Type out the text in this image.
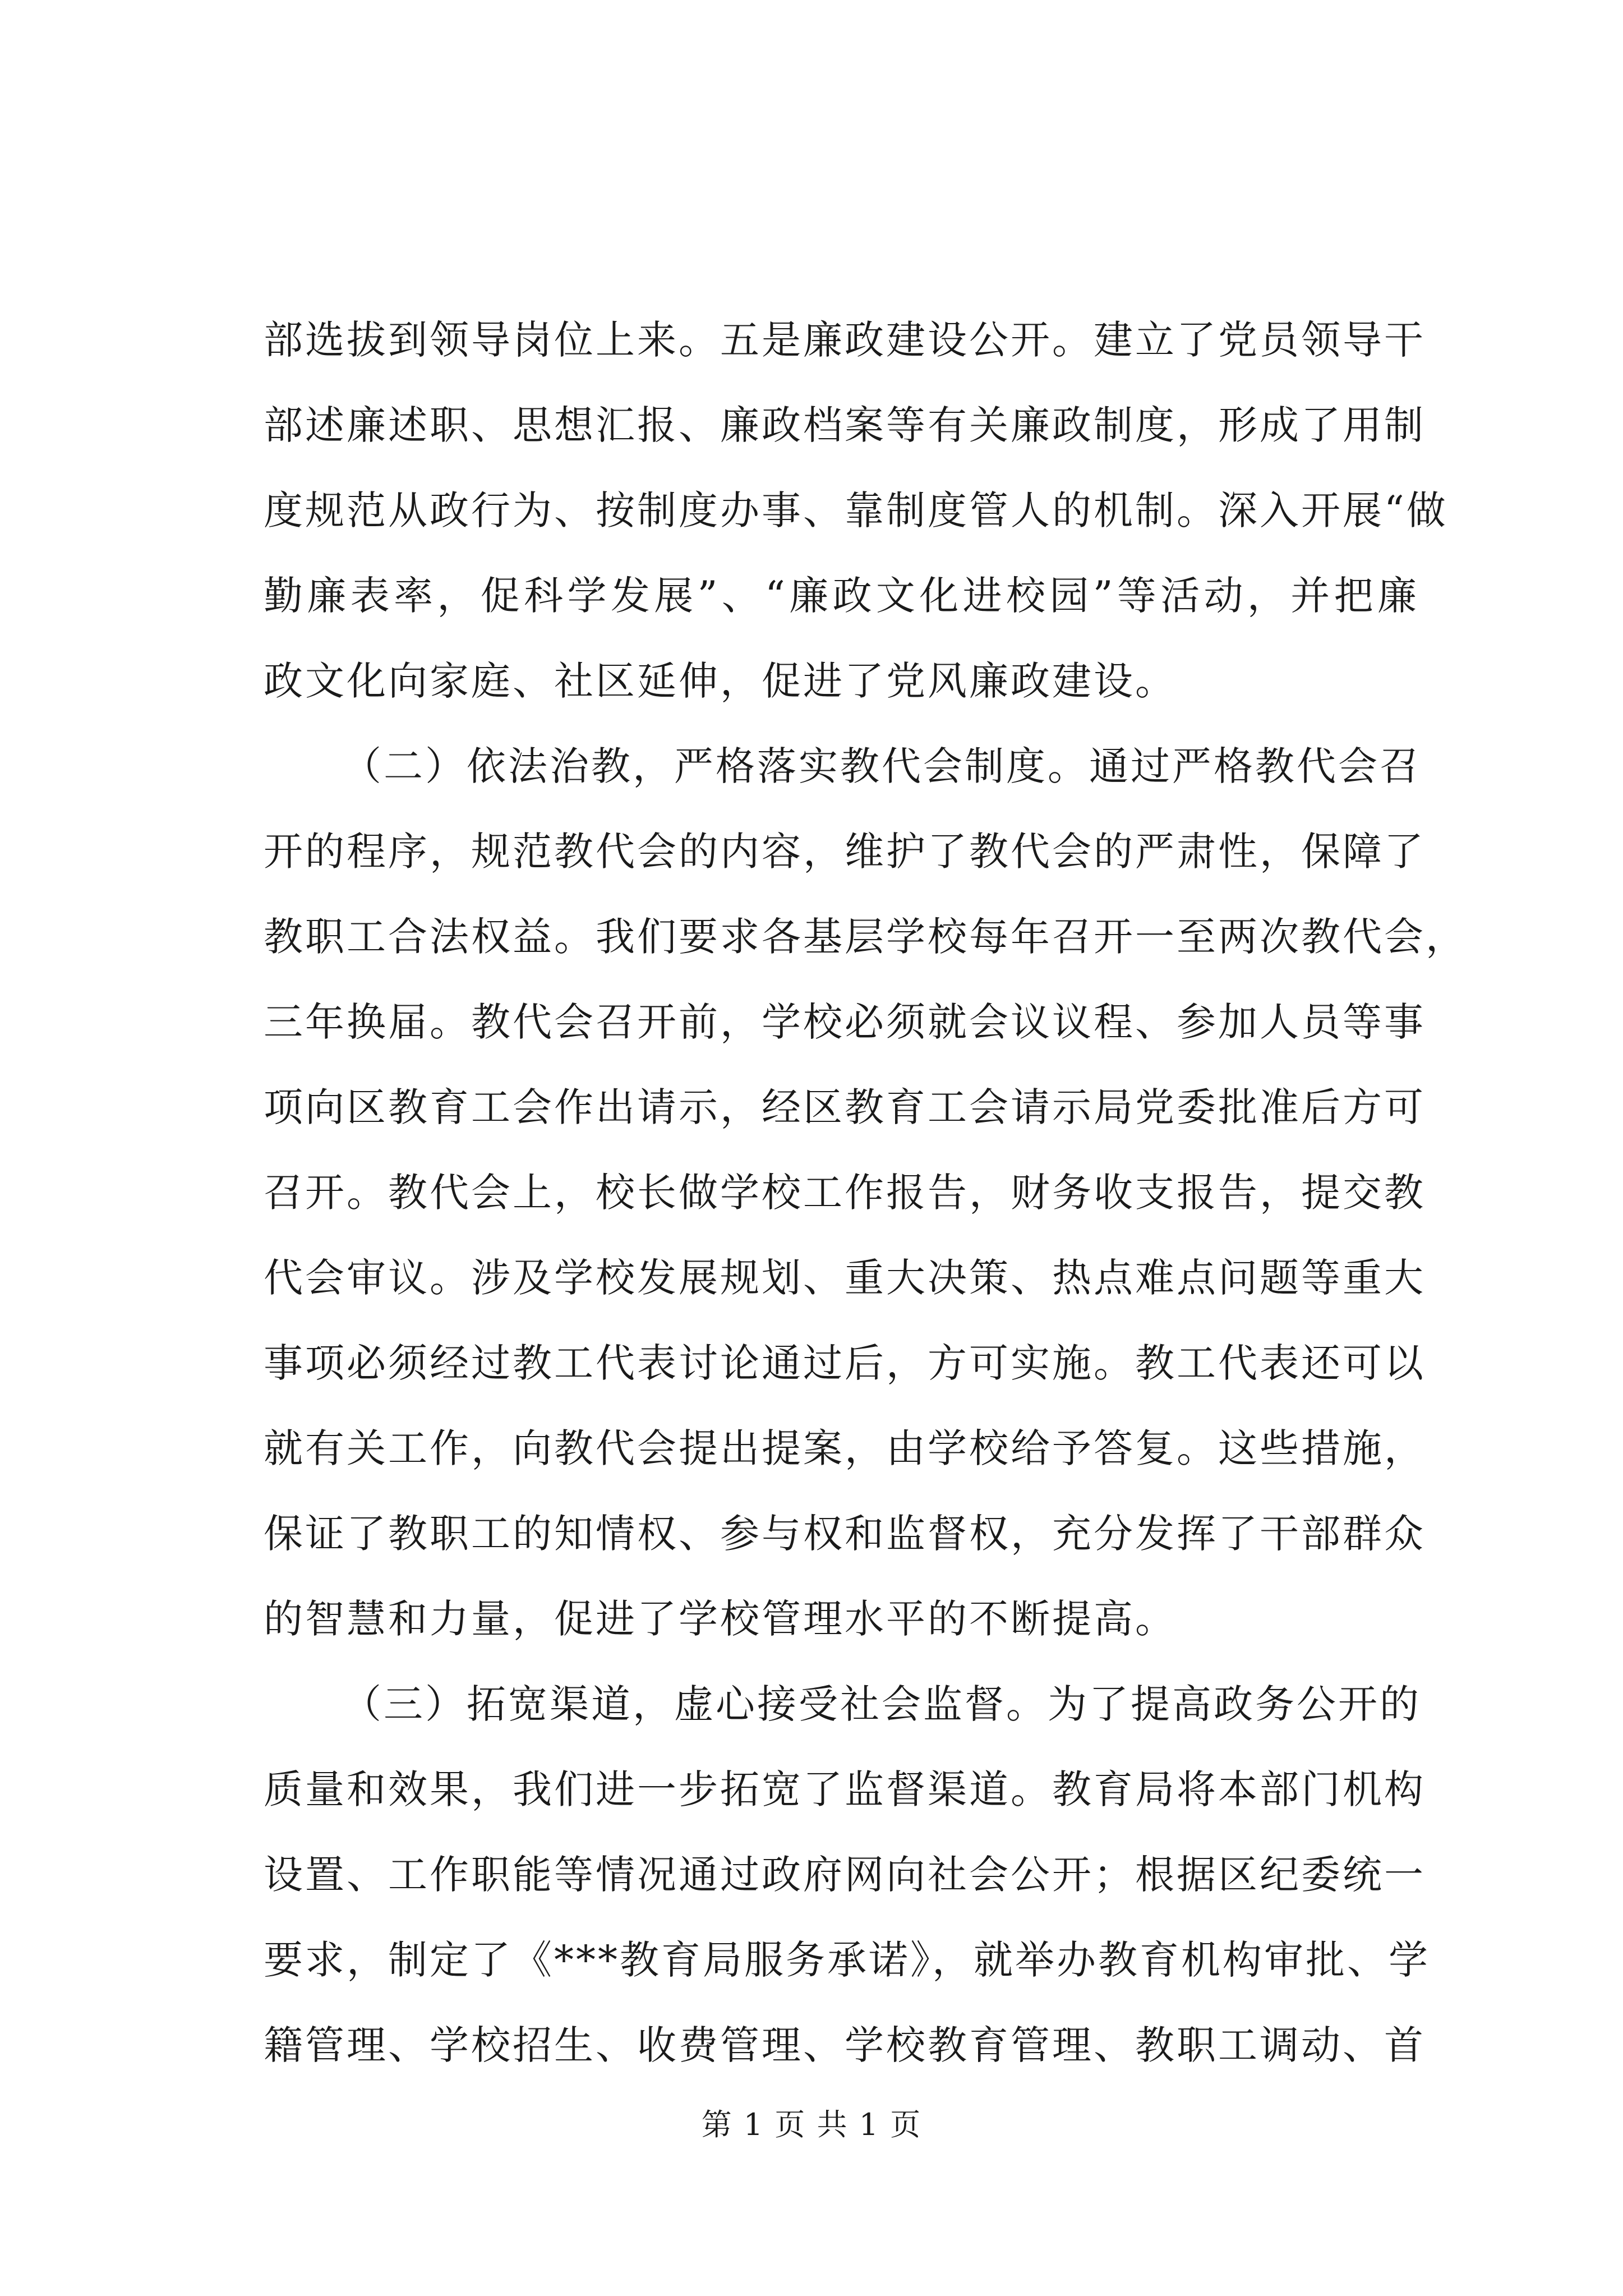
部选拔到领导岗位上来。五是廉政建设公开。建立了党员领导干
部述廉述职、思想汇报、廉政档案等有关廉政制度，形成了用制
度规范从政行为、按制度办事、靠制度管人的机制。深入开展“做
勤廉表率，促科学发展”、“廉政文化进校园”等活动，并把廉
政文化向家庭、社区延伸，促进了党风廉政建设。
（二）依法治教，严格落实教代会制度。通过严格教代会召
开的程序，规范教代会的内容，维护了教代会的严肃性，保障了
教职工合法权益。我们要求各基层学校每年召开一至两次教代会，
三年换届。教代会召开前，学校必须就会议议程、参加人员等事
项向区教育工会作出请示，经区教育工会请示局党委批准后方可
召开。教代会上，校长做学校工作报告，财务收支报告，提交教
代会审议。涉及学校发展规划、重大决策、热点难点问题等重大
事项必须经过教工代表讨论通过后，方可实施。教工代表还可以
就有关工作，向教代会提出提案，由学校给予答复。这些措施，
保证了教职工的知情权、参与权和监督权，充分发挥了干部群众
的智慧和力量，促进了学校管理水平的不断提高。
（三）拓宽渠道，虚心接受社会监督。为了提高政务公开的
质量和效果，我们进一步拓宽了监督渠道。教育局将本部门机构
设置、工作职能等情况通过政府网向社会公开；根据区纪委统一
要求，制定了《***教育局服务承诺》，就举办教育机构审批、学
籍管理、学校招生、收费管理、学校教育管理、教职工调动、首
第 1 页 共 1 页
